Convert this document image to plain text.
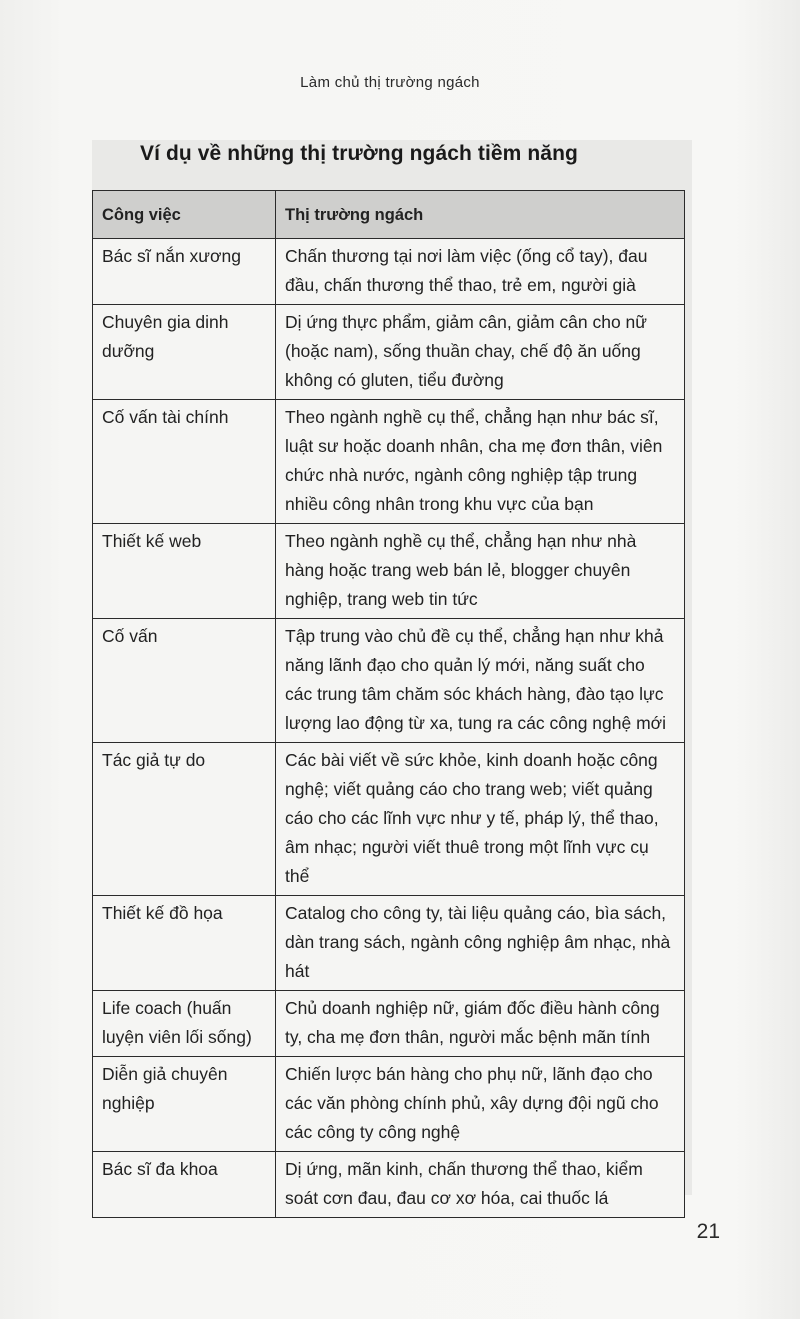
Làm chủ thị trường ngách
Ví dụ về những thị trường ngách tiềm năng
Công việc	Thị trường ngách
Bác sĩ nắn xương	Chấn thương tại nơi làm việc (ống cổ tay), đau đầu, chấn thương thể thao, trẻ em, người già
Chuyên gia dinh dưỡng	Dị ứng thực phẩm, giảm cân, giảm cân cho nữ (hoặc nam), sống thuần chay, chế độ ăn uống không có gluten, tiểu đường
Cố vấn tài chính	Theo ngành nghề cụ thể, chẳng hạn như bác sĩ, luật sư hoặc doanh nhân, cha mẹ đơn thân, viên chức nhà nước, ngành công nghiệp tập trung nhiều công nhân trong khu vực của bạn
Thiết kế web	Theo ngành nghề cụ thể, chẳng hạn như nhà hàng hoặc trang web bán lẻ, blogger chuyên nghiệp, trang web tin tức
Cố vấn	Tập trung vào chủ đề cụ thể, chẳng hạn như khả năng lãnh đạo cho quản lý mới, năng suất cho các trung tâm chăm sóc khách hàng, đào tạo lực lượng lao động từ xa, tung ra các công nghệ mới
Tác giả tự do	Các bài viết về sức khỏe, kinh doanh hoặc công nghệ; viết quảng cáo cho trang web; viết quảng cáo cho các lĩnh vực như y tế, pháp lý, thể thao, âm nhạc; người viết thuê trong một lĩnh vực cụ thể
Thiết kế đồ họa	Catalog cho công ty, tài liệu quảng cáo, bìa sách, dàn trang sách, ngành công nghiệp âm nhạc, nhà hát
Life coach (huấn luyện viên lối sống)	Chủ doanh nghiệp nữ, giám đốc điều hành công ty, cha mẹ đơn thân, người mắc bệnh mãn tính
Diễn giả chuyên nghiệp	Chiến lược bán hàng cho phụ nữ, lãnh đạo cho các văn phòng chính phủ, xây dựng đội ngũ cho các công ty công nghệ
Bác sĩ đa khoa	Dị ứng, mãn kinh, chấn thương thể thao, kiểm soát cơn đau, đau cơ xơ hóa, cai thuốc lá
21
